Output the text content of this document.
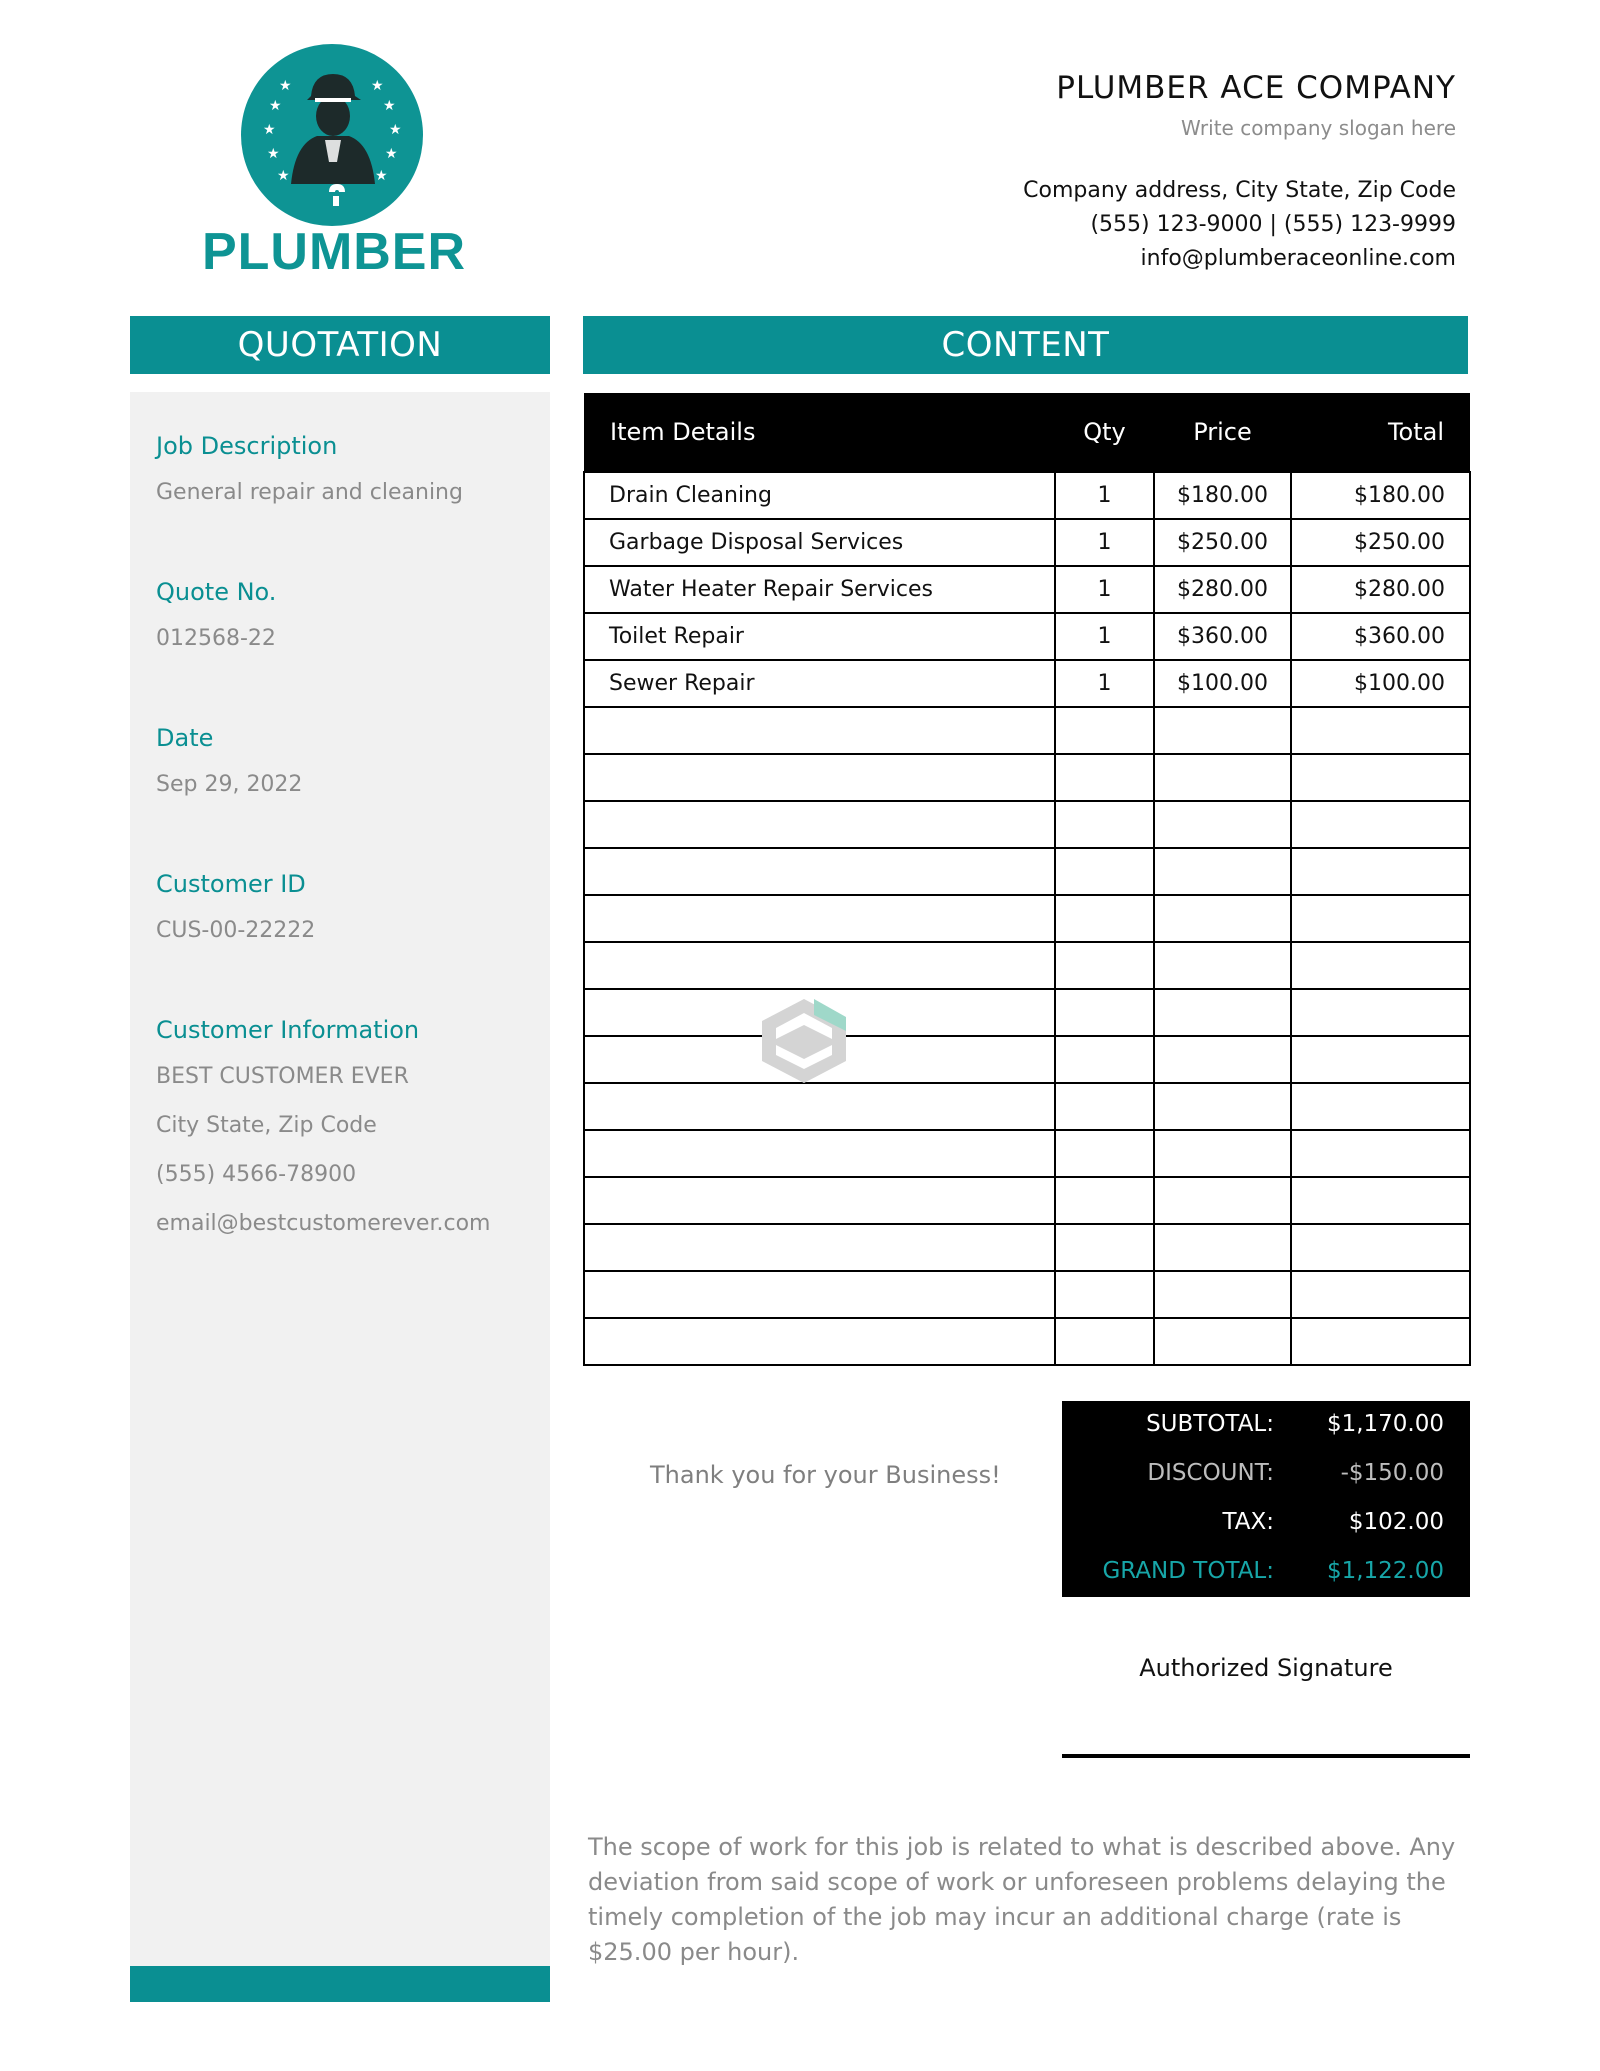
★
★
★
★
★
★
★
★
★
★
PLUMBER
PLUMBER ACE COMPANY
Write company slogan here
Company address, City State, Zip Code
(555) 123-9000 | (555) 123-9999
info@plumberaceonline.com
QUOTATION	CONTENT
Job Description
General repair and cleaning
Quote No.
012568-22
Date
Sep 29, 2022
Customer ID
CUS-00-22222
Customer Information
BEST CUSTOMER EVER
City State, Zip Code
(555) 4566-78900
email@bestcustomerever.com
Item Details	Qty	Price	Total
Drain Cleaning	1	$180.00	$180.00
Garbage Disposal Services	1	$250.00	$250.00
Water Heater Repair Services	1	$280.00	$280.00
Toilet Repair	1	$360.00	$360.00
Sewer Repair	1	$100.00	$100.00

Thank you for your Business!
SUBTOTAL: $1,170.00
DISCOUNT:	-$150.00
TAX:	$102.00
GRAND TOTAL: $1,122.00
Authorized Signature
The scope of work for this job is related to what is described above. Any deviation from said scope of work or unforeseen problems delaying the timely completion of the job may incur an additional charge (rate is $25.00 per hour).
